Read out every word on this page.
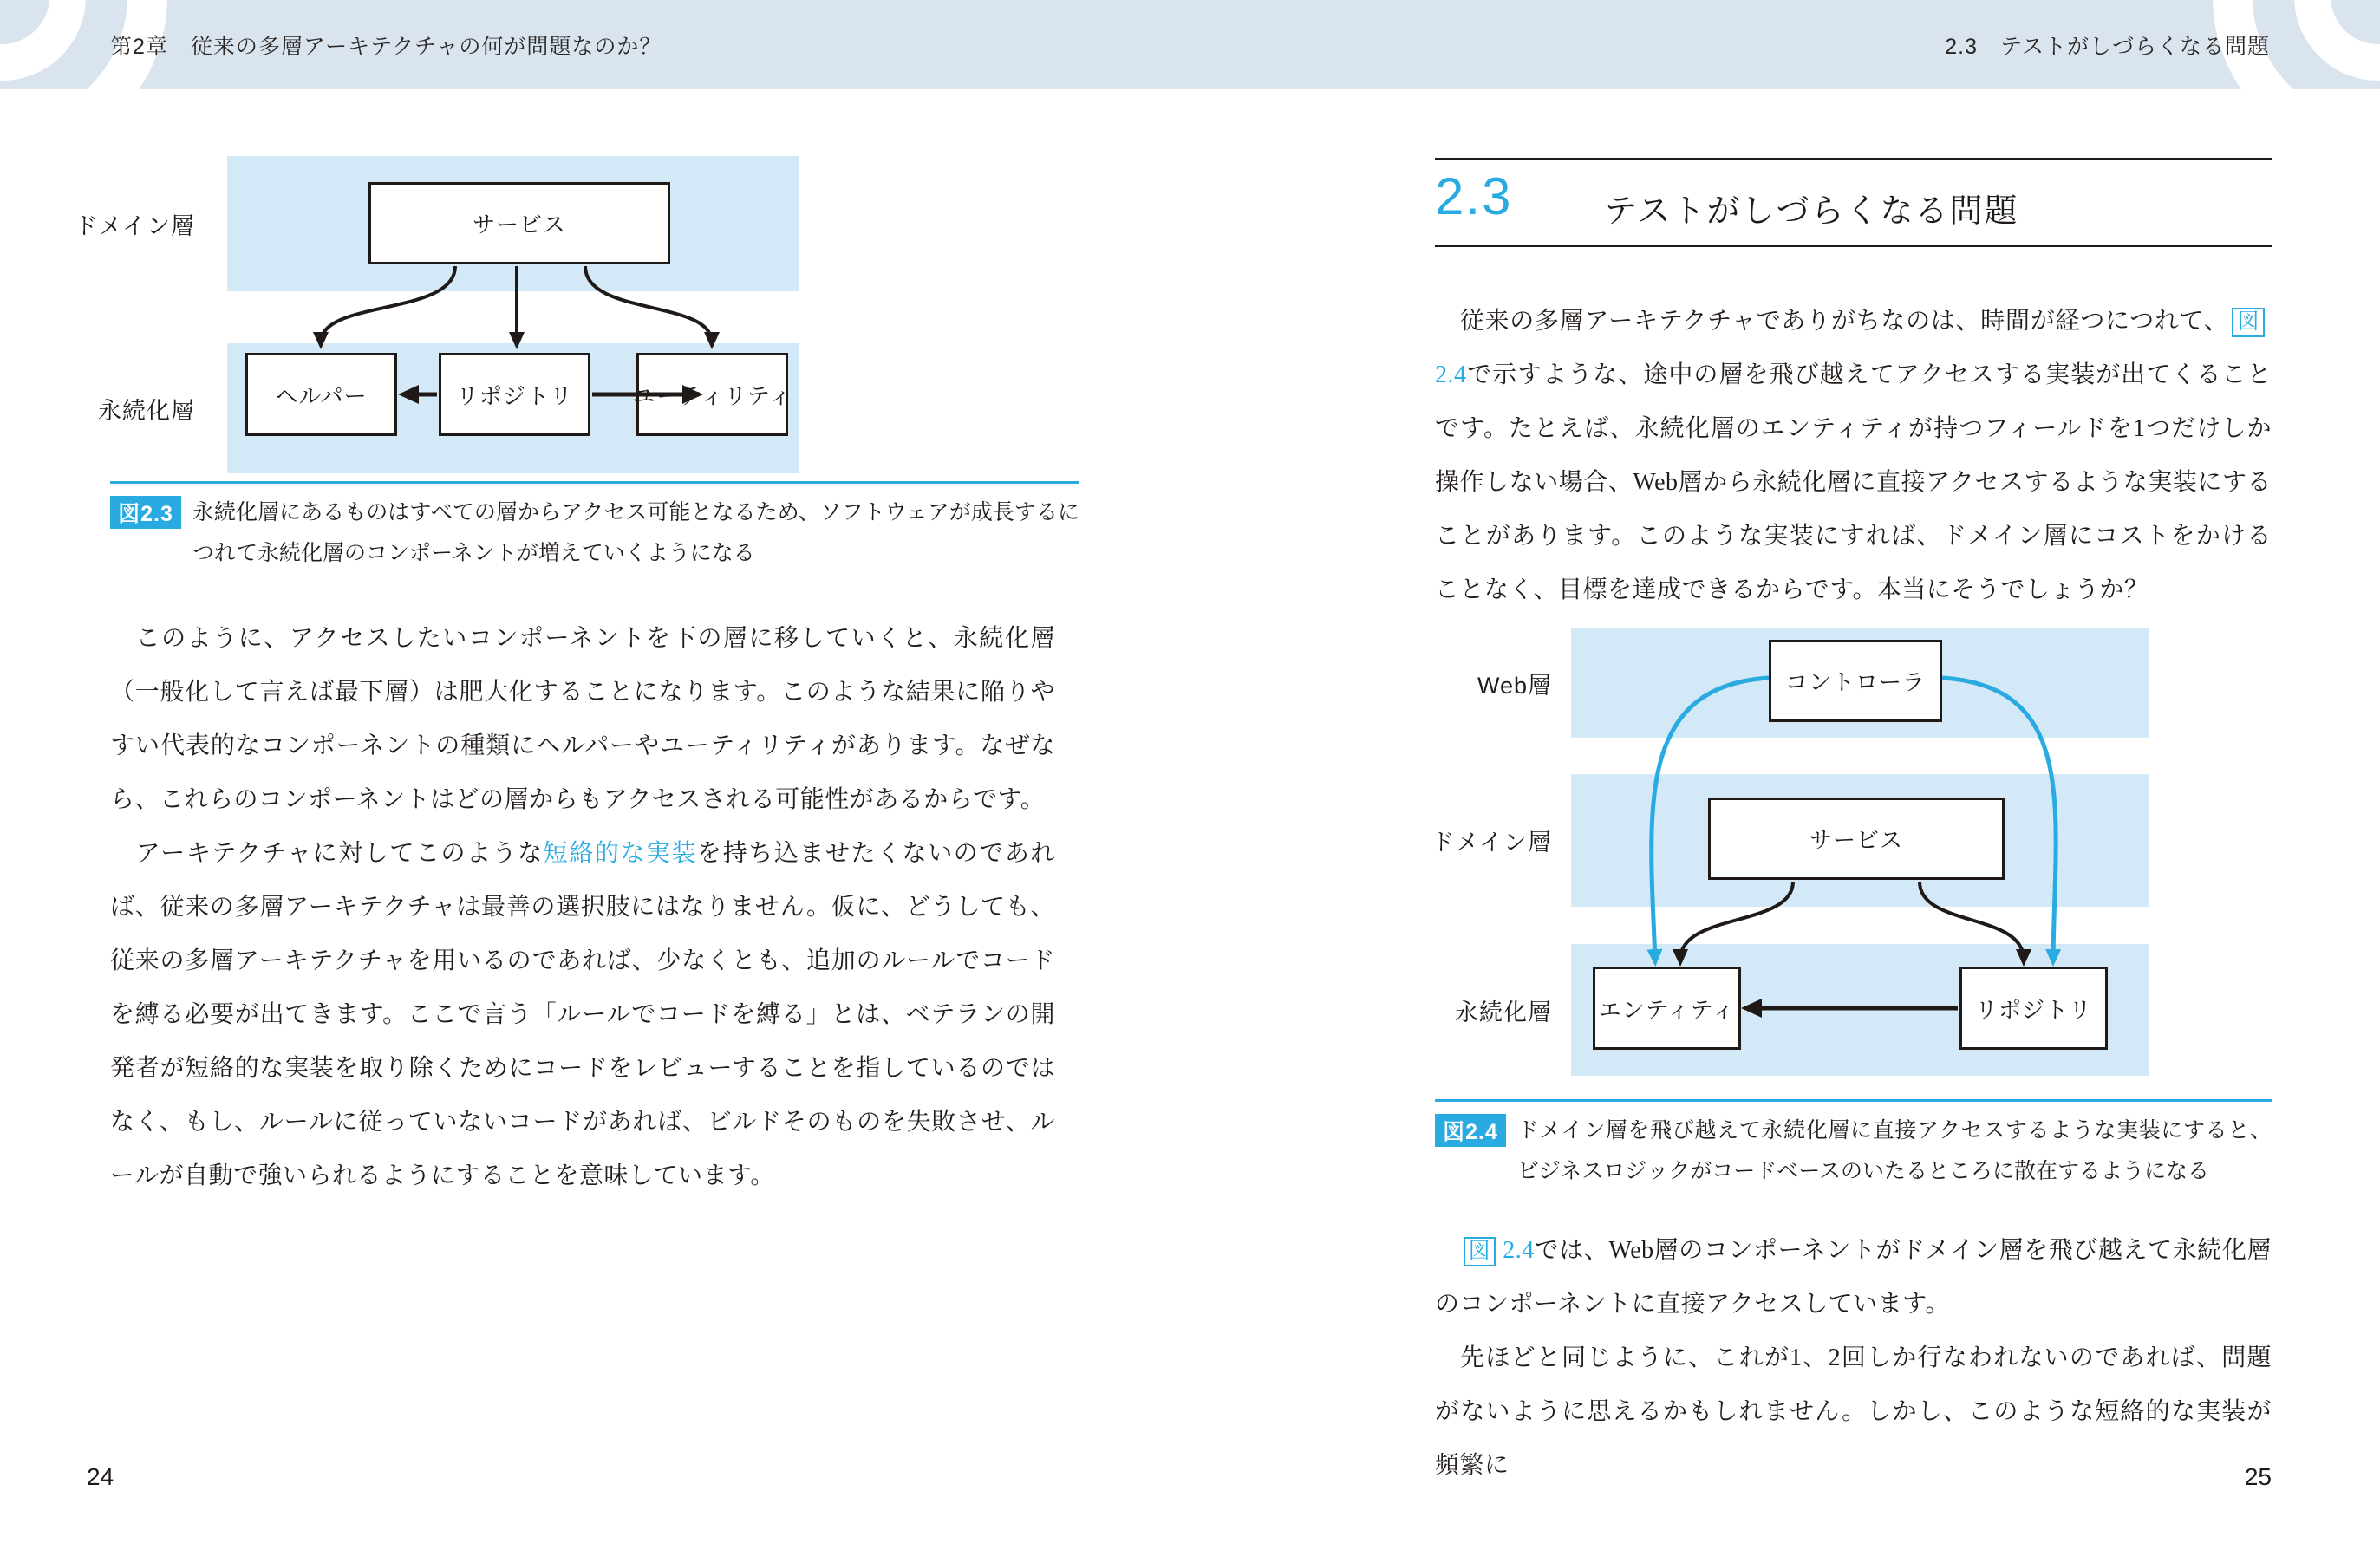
第2章　従来の多層アーキテクチャの何が問題なのか？	2.3　テストがしづらくなる問題
ドメイン層
永続化層
サービス
ヘルパー	リポジトリ	ユーティリティ
図2.3 永続化層にあるものはすべての層からアクセス可能となるため、ソフトウェアが成長するにつれて永続化層のコンポーネントが増えていくようになる

　このように、アクセスしたいコンポーネントを下の層に移していくと、永続化層（一般化して言えば最下層）は肥大化することになります。このような結果に陥りやすい代表的なコンポーネントの種類にヘルパーやユーティリティがあります。なぜなら、これらのコンポーネントはどの層からもアクセスされる可能性があるからです。

　アーキテクチャに対してこのような短絡的な実装を持ち込ませたくないのであれば、従来の多層アーキテクチャは最善の選択肢にはなりません。仮に、どうしても、従来の多層アーキテクチャを用いるのであれば、少なくとも、追加のルールでコードを縛る必要が出てきます。ここで言う「ルールでコードを縛る」とは、ベテランの開発者が短絡的な実装を取り除くためにコードをレビューすることを指しているのではなく、もし、ルールに従っていないコードがあれば、ビルドそのものを失敗させ、ルールが自動で強いられるようにすることを意味しています。

24
2.3	テストがしづらくなる問題

　従来の多層アーキテクチャでありがちなのは、時間が経つにつれて、 図2.4で示すような、途中の層を飛び越えてアクセスする実装が出てくることです。たとえば、永続化層のエンティティが持つフィールドを1つだけしか操作しない場合、Web層から永続化層に直接アクセスするような実装にすることがあります。このような実装にすれば、ドメイン層にコストをかけることなく、目標を達成できるからです。本当にそうでしょうか？

Web層
ドメイン層
永続化層
コントローラ
サービス
エンティティ	リポジトリ
図2.4 ドメイン層を飛び越えて永続化層に直接アクセスするような実装にすると、ビジネスロジックがコードベースのいたるところに散在するようになる

　図 2.4では、Web層のコンポーネントがドメイン層を飛び越えて永続化層のコンポーネントに直接アクセスしています。

　先ほどと同じように、これが1、2回しか行なわれないのであれば、問題がないように思えるかもしれません。しかし、このような短絡的な実装が頻繁に	25
